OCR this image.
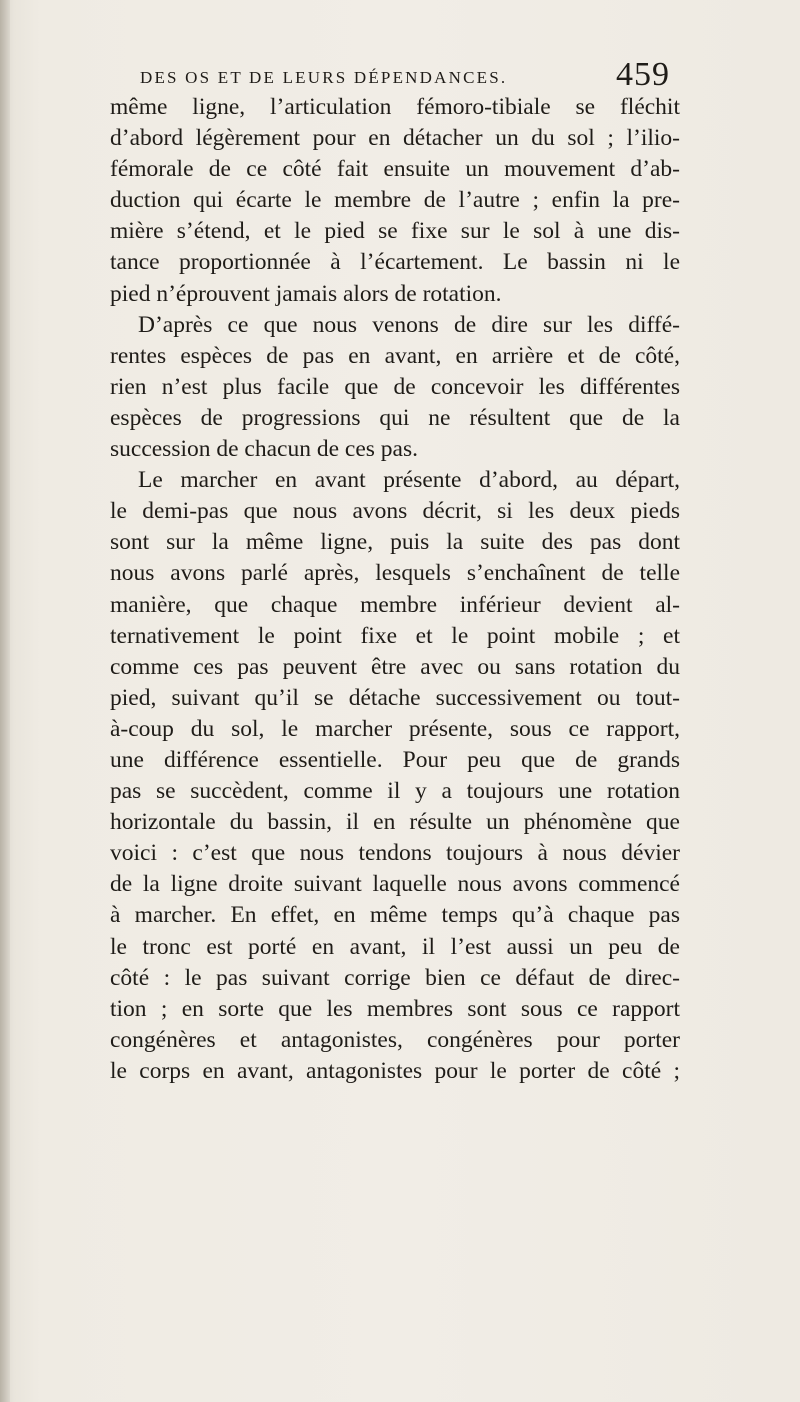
DES OS ET DE LEURS DÉPENDANCES.	459
même ligne, l’articulation fémoro-tibiale se fléchit
d’abord légèrement pour en détacher un du sol ; l’ilio-
fémorale de ce côté fait ensuite un mouvement d’ab-
duction qui écarte le membre de l’autre ; enfin la pre-
mière s’étend, et le pied se fixe sur le sol à une dis-
tance proportionnée à l’écartement. Le bassin ni le
pied n’éprouvent jamais alors de rotation.
D’après ce que nous venons de dire sur les diffé-
rentes espèces de pas en avant, en arrière et de côté,
rien n’est plus facile que de concevoir les différentes
espèces de progressions qui ne résultent que de la
succession de chacun de ces pas.
Le marcher en avant présente d’abord, au départ,
le demi-pas que nous avons décrit, si les deux pieds
sont sur la même ligne, puis la suite des pas dont
nous avons parlé après, lesquels s’enchaînent de telle
manière, que chaque membre inférieur devient al-
ternativement le point fixe et le point mobile ; et
comme ces pas peuvent être avec ou sans rotation du
pied, suivant qu’il se détache successivement ou tout-
à-coup du sol, le marcher présente, sous ce rapport,
une différence essentielle. Pour peu que de grands
pas se succèdent, comme il y a toujours une rotation
horizontale du bassin, il en résulte un phénomène que
voici : c’est que nous tendons toujours à nous dévier
de la ligne droite suivant laquelle nous avons commencé
à marcher. En effet, en même temps qu’à chaque pas
le tronc est porté en avant, il l’est aussi un peu de
côté : le pas suivant corrige bien ce défaut de direc-
tion ; en sorte que les membres sont sous ce rapport
congénères et antagonistes, congénères pour porter
le corps en avant, antagonistes pour le porter de côté ;
